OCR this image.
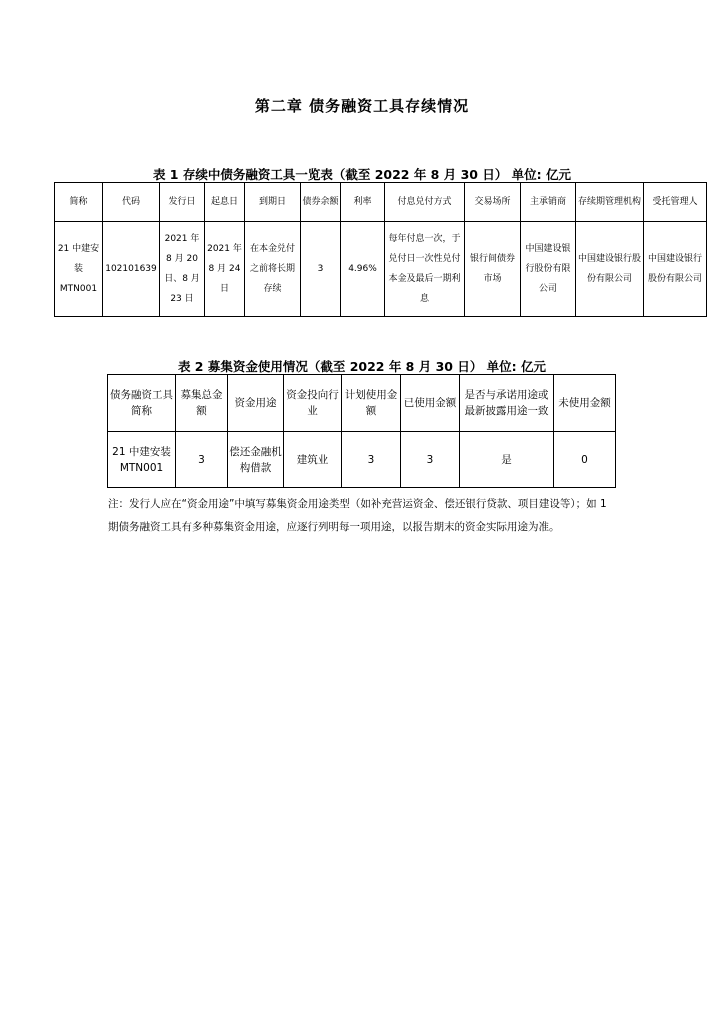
第二章 债务融资工具存续情况
表 1 存续中债务融资工具一览表（截至 2022 年 8 月 30 日） 单位: 亿元
简称	代码	发行日	起息日	到期日	债券余额	利率	付息兑付方式	交易场所	主承销商	存续期管理机构	受托管理人
21 中建安装 MTN001	102101639	2021 年 8 月 20 日、8 月 23 日	2021 年 8 月 24 日	在本金兑付之前将长期存续	3	4.96%	每年付息一次，于兑付日一次性兑付本金及最后一期利息	银行间债券市场	中国建设银行股份有限公司	中国建设银行股份有限公司	中国建设银行股份有限公司
表 2 募集资金使用情况（截至 2022 年 8 月 30 日） 单位: 亿元
债务融资工具简称	募集总金额	资金用途	资金投向行业	计划使用金额	已使用金额	是否与承诺用途或最新披露用途一致	未使用金额
21 中建安装 MTN001	3	偿还金融机构借款	建筑业	3	3	是	0
注：发行人应在“资金用途”中填写募集资金用途类型（如补充营运资金、偿还银行贷款、项目建设等）；如 1 期债务融资工具有多种募集资金用途，应逐行列明每一项用途，以报告期末的资金实际用途为准。
